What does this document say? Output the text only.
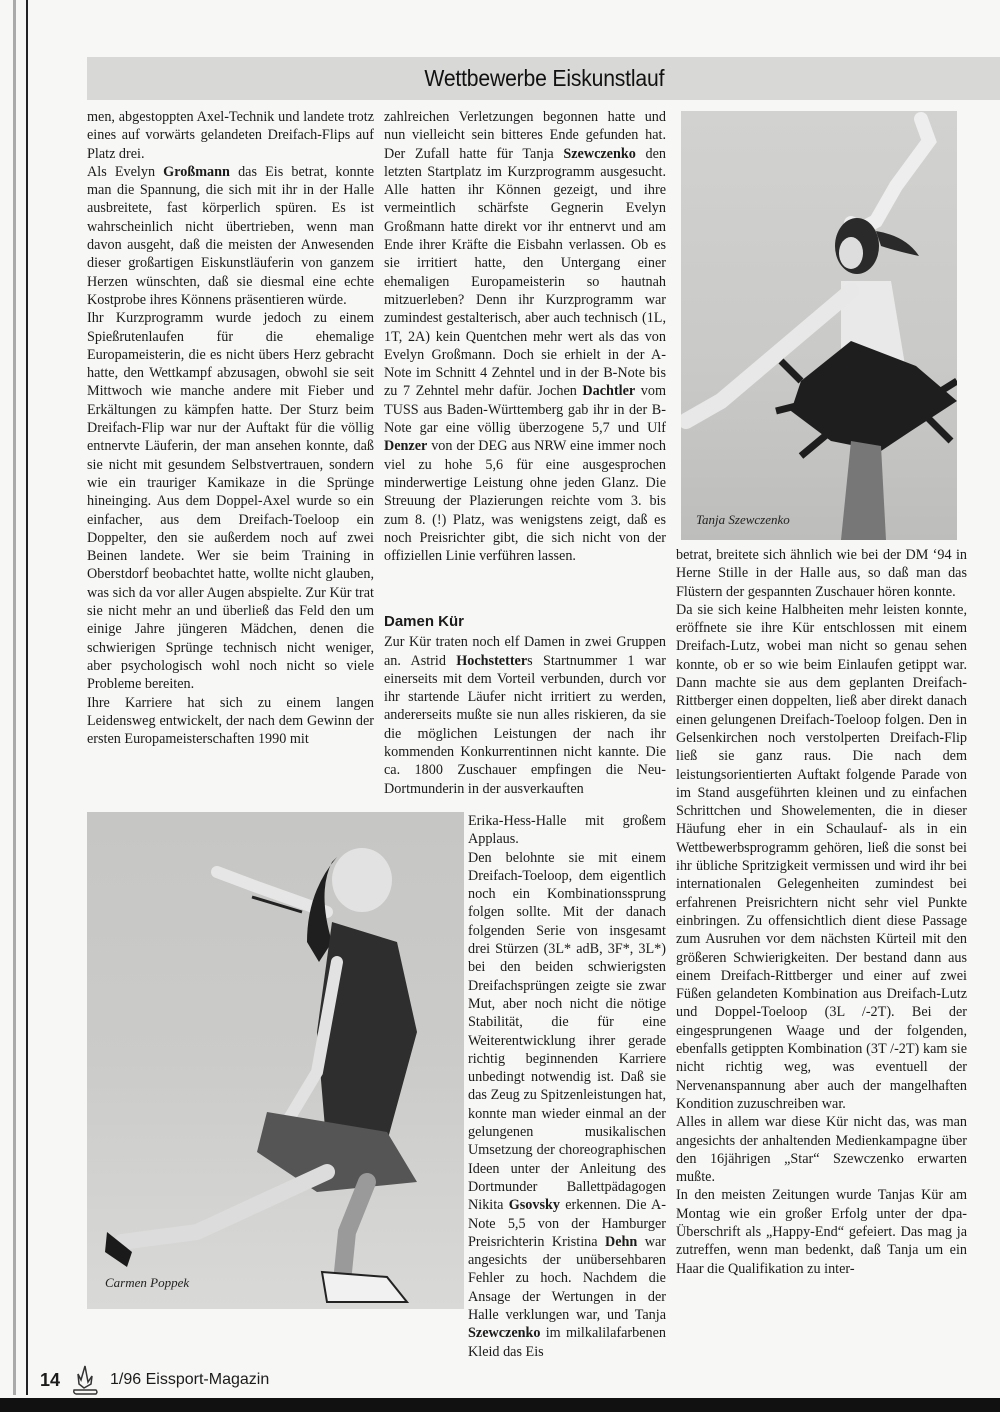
Wettbewerbe Eiskunstlauf

men, abgestoppten Axel-Technik und landete trotz eines auf vorwärts gelandeten Dreifach-Flips auf Platz drei.

Als Evelyn Großmann das Eis betrat, konnte man die Spannung, die sich mit ihr in der Halle ausbreitete, fast körperlich spüren. Es ist wahrscheinlich nicht übertrieben, wenn man davon ausgeht, daß die meisten der Anwesenden dieser großartigen Eiskunstläuferin von ganzem Herzen wünschten, daß sie diesmal eine echte Kostprobe ihres Könnens präsentieren würde.

Ihr Kurzprogramm wurde jedoch zu einem Spießrutenlaufen für die ehemalige Europameisterin, die es nicht übers Herz gebracht hatte, den Wettkampf abzusagen, obwohl sie seit Mittwoch wie manche andere mit Fieber und Erkältungen zu kämpfen hatte. Der Sturz beim Dreifach-Flip war nur der Auftakt für die völlig entnervte Läuferin, der man ansehen konnte, daß sie nicht mit gesundem Selbstvertrauen, sondern wie ein trauriger Kamikaze in die Sprünge hineinging. Aus dem Doppel-Axel wurde so ein einfacher, aus dem Dreifach-Toeloop ein Doppelter, den sie außerdem noch auf zwei Beinen landete. Wer sie beim Training in Oberstdorf beobachtet hatte, wollte nicht glauben, was sich da vor aller Augen abspielte. Zur Kür trat sie nicht mehr an und überließ das Feld den um einige Jahre jüngeren Mädchen, denen die schwierigen Sprünge technisch nicht weniger, aber psychologisch wohl noch nicht so viele Probleme bereiten.

Ihre Karriere hat sich zu einem langen Leidensweg entwickelt, der nach dem Gewinn der ersten Europameisterschaften 1990 mit

zahlreichen Verletzungen begonnen hatte und nun vielleicht sein bitteres Ende gefunden hat. Der Zufall hatte für Tanja Szewczenko den letzten Startplatz im Kurzprogramm ausgesucht. Alle hatten ihr Können gezeigt, und ihre vermeintlich schärfste Gegnerin Evelyn Großmann hatte direkt vor ihr entnervt und am Ende ihrer Kräfte die Eisbahn verlassen. Ob es sie irritiert hatte, den Untergang einer ehemaligen Europameisterin so hautnah mitzuerleben? Denn ihr Kurzprogramm war zumindest gestalterisch, aber auch technisch (1L, 1T, 2A) kein Quentchen mehr wert als das von Evelyn Großmann. Doch sie erhielt in der A-Note im Schnitt 4 Zehntel und in der B-Note bis zu 7 Zehntel mehr dafür. Jochen Dachtler vom TUSS aus Baden-Württemberg gab ihr in der B-Note gar eine völlig überzogene 5,7 und Ulf Denzer von der DEG aus NRW eine immer noch viel zu hohe 5,6 für eine ausgesprochen minderwertige Leistung ohne jeden Glanz. Die Streuung der Plazierungen reichte vom 3. bis zum 8. (!) Platz, was wenigstens zeigt, daß es noch Preisrichter gibt, die sich nicht von der offiziellen Linie verführen lassen.

Damen Kür

Zur Kür traten noch elf Damen in zwei Gruppen an. Astrid Hochstetters Startnummer 1 war einerseits mit dem Vorteil verbunden, durch vor ihr startende Läufer nicht irritiert zu werden, andererseits mußte sie nun alles riskieren, da sie die möglichen Leistungen der nach ihr kommenden Konkurrentinnen nicht kannte. Die ca. 1800 Zuschauer empfingen die Neu-Dortmunderin in der ausverkauften

Erika-Hess-Halle mit großem Applaus.

Den belohnte sie mit einem Dreifach-Toeloop, dem eigentlich noch ein Kombinationssprung folgen sollte. Mit der danach folgenden Serie von insgesamt drei Stürzen (3L* adB, 3F*, 3L*) bei den beiden schwierigsten Dreifachsprüngen zeigte sie zwar Mut, aber noch nicht die nötige Stabilität, die für eine Weiterentwicklung ihrer gerade richtig beginnenden Karriere unbedingt notwendig ist. Daß sie das Zeug zu Spitzenleistungen hat, konnte man wieder einmal an der gelungenen musikalischen Umsetzung der choreographischen Ideen unter der Anleitung des Dortmunder Ballettpädagogen Nikita Gsovsky erkennen. Die A-Note 5,5 von der Hamburger Preisrichterin Kristina Dehn war angesichts der unübersehbaren Fehler zu hoch. Nachdem die Ansage der Wertungen in der Halle verklungen war, und Tanja Szewczenko im milkalilafarbenen Kleid das Eis

betrat, breitete sich ähnlich wie bei der DM ‘94 in Herne Stille in der Halle aus, so daß man das Flüstern der gespannten Zuschauer hören konnte.

Da sie sich keine Halbheiten mehr leisten konnte, eröffnete sie ihre Kür entschlossen mit einem Dreifach-Lutz, wobei man nicht so genau sehen konnte, ob er so wie beim Einlaufen getippt war. Dann machte sie aus dem geplanten Dreifach-Rittberger einen doppelten, ließ aber direkt danach einen gelungenen Dreifach-Toeloop folgen. Den in Gelsenkirchen noch verstolperten Dreifach-Flip ließ sie ganz raus. Die nach dem leistungsorientierten Auftakt folgende Parade von im Stand ausgeführten kleinen und zu einfachen Schrittchen und Showelementen, die in dieser Häufung eher in ein Schaulauf- als in ein Wettbewerbsprogramm gehören, ließ die sonst bei ihr übliche Spritzigkeit vermissen und wird ihr bei internationalen Gelegenheiten zumindest bei erfahrenen Preisrichtern nicht sehr viel Punkte einbringen. Zu offensichtlich dient diese Passage zum Ausruhen vor dem nächsten Kürteil mit den größeren Schwierigkeiten. Der bestand dann aus einem Dreifach-Rittberger und einer auf zwei Füßen gelandeten Kombination aus Dreifach-Lutz und Doppel-Toeloop (3L /-2T). Bei der eingesprungenen Waage und der folgenden, ebenfalls getippten Kombination (3T /-2T) kam sie nicht richtig weg, was eventuell der Nervenanspannung aber auch der mangelhaften Kondition zuzuschreiben war.

Alles in allem war diese Kür nicht das, was man angesichts der anhaltenden Medienkampagne über den 16jährigen „Star“ Szewczenko erwarten mußte.

In den meisten Zeitungen wurde Tanjas Kür am Montag wie ein großer Erfolg unter der dpa-Überschrift als „Happy-End“ gefeiert. Das mag ja zutreffen, wenn man bedenkt, daß Tanja um ein Haar die Qualifikation zu inter-

Tanja Szewczenko
Carmen Poppek
14	1/96 Eissport-Magazin
